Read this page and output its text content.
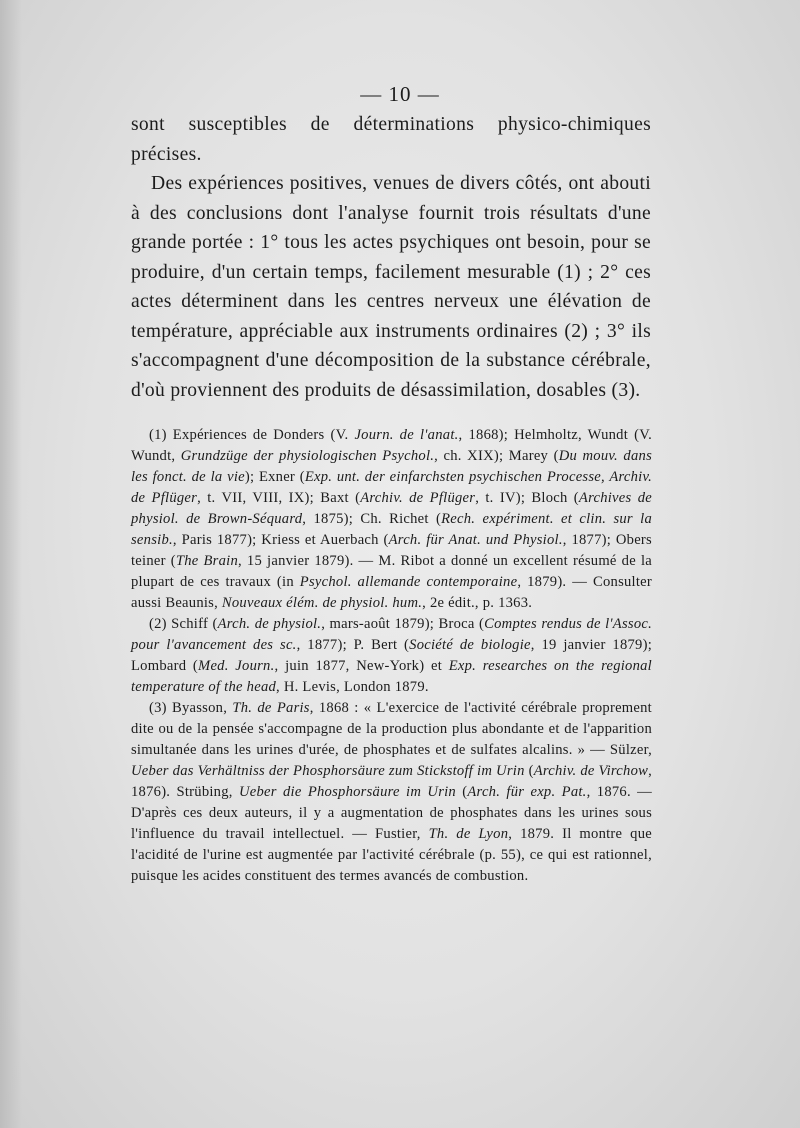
— 10 —

sont susceptibles de déterminations physico-chimiques précises.

Des expériences positives, venues de divers côtés, ont abouti à des conclusions dont l'analyse fournit trois résultats d'une grande portée : 1° tous les actes psychiques ont besoin, pour se produire, d'un certain temps, facilement mesurable (1) ; 2° ces actes déterminent dans les centres nerveux une élévation de température, appréciable aux instruments ordinaires (2) ; 3° ils s'accompagnent d'une décomposition de la substance cérébrale, d'où proviennent des produits de désassimilation, dosables (3).

(1) Expériences de Donders (V. Journ. de l'anat., 1868); Helmholtz, Wundt (V. Wundt, Grundzüge der physiologischen Psychol., ch. XIX); Marey (Du mouv. dans les fonct. de la vie); Exner (Exp. unt. der einfarchsten psychischen Processe, Archiv. de Pflüger, t. VII, VIII, IX); Baxt (Archiv. de Pflüger, t. IV); Bloch (Archives de physiol. de Brown-Séquard, 1875); Ch. Richet (Rech. expériment. et clin. sur la sensib., Paris 1877); Kriess et Auerbach (Arch. für Anat. und Physiol., 1877); Obers teiner (The Brain, 15 janvier 1879). — M. Ribot a donné un excellent résumé de la plupart de ces travaux (in Psychol. allemande contemporaine, 1879). — Consulter aussi Beaunis, Nouveaux élém. de physiol. hum., 2e édit., p. 1363.

(2) Schiff (Arch. de physiol., mars-août 1879); Broca (Comptes rendus de l'Assoc. pour l'avancement des sc., 1877); P. Bert (Société de biologie, 19 janvier 1879); Lombard (Med. Journ., juin 1877, New-York) et Exp. researches on the regional temperature of the head, H. Levis, London 1879.

(3) Byasson, Th. de Paris, 1868 : « L'exercice de l'activité cérébrale proprement dite ou de la pensée s'accompagne de la production plus abondante et de l'apparition simultanée dans les urines d'urée, de phosphates et de sulfates alcalins. » — Sülzer, Ueber das Verhältniss der Phosphorsäure zum Stickstoff im Urin (Archiv. de Virchow, 1876). Strübing, Ueber die Phosphorsäure im Urin (Arch. für exp. Pat., 1876. — D'après ces deux auteurs, il y a augmentation de phosphates dans les urines sous l'influence du travail intellectuel. — Fustier, Th. de Lyon, 1879. Il montre que l'acidité de l'urine est augmentée par l'activité cérébrale (p. 55), ce qui est rationnel, puisque les acides constituent des termes avancés de combustion.
